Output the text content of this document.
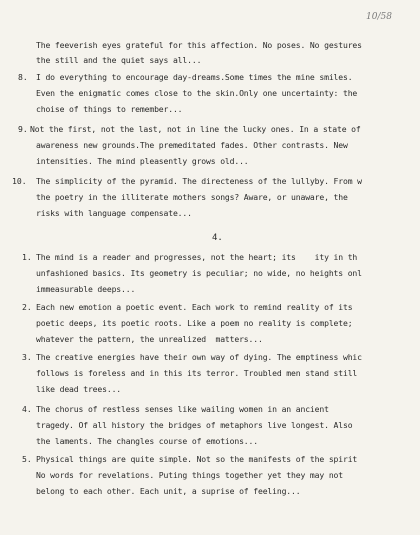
10/58
The feeverish eyes grateful for this affection. No poses. No gestures
the still and the quiet says all...
8. I do everything to encourage day-dreams.Some times the mine smiles.
Even the enigmatic comes close to the skin.Only one uncertainty: the
choise of things to remember...
9. Not the first, not the last, not in line the lucky ones. In a state of
awareness new grounds.The premeditated fades. Other contrasts. New
intensities. The mind pleasently grows old...
10. The simplicity of the pyramid. The directeness of the lullyby. From w
the poetry in the illiterate mothers songs? Aware, or unaware, the
risks with language compensate...
4.
1. The mind is a reader and progresses, not the heart; its    ity in th
unfashioned basics. Its geometry is peculiar; no wide, no heights onl
immeasurable deeps...
2. Each new emotion a poetic event. Each work to remind reality of its
poetic deeps, its poetic roots. Like a poem no reality is complete;
whatever the pattern, the unrealized  matters...
3. The creative energies have their own way of dying. The emptiness whic
follows is foreless and in this its terror. Troubled men stand still
like dead trees...
4. The chorus of restless senses like wailing women in an ancient
tragedy. Of all history the bridges of metaphors live longest. Also
the laments. The changles course of emotions...
5. Physical things are quite simple. Not so the manifests of the spirit
No words for revelations. Puting things together yet they may not
belong to each other. Each unit, a suprise of feeling...
